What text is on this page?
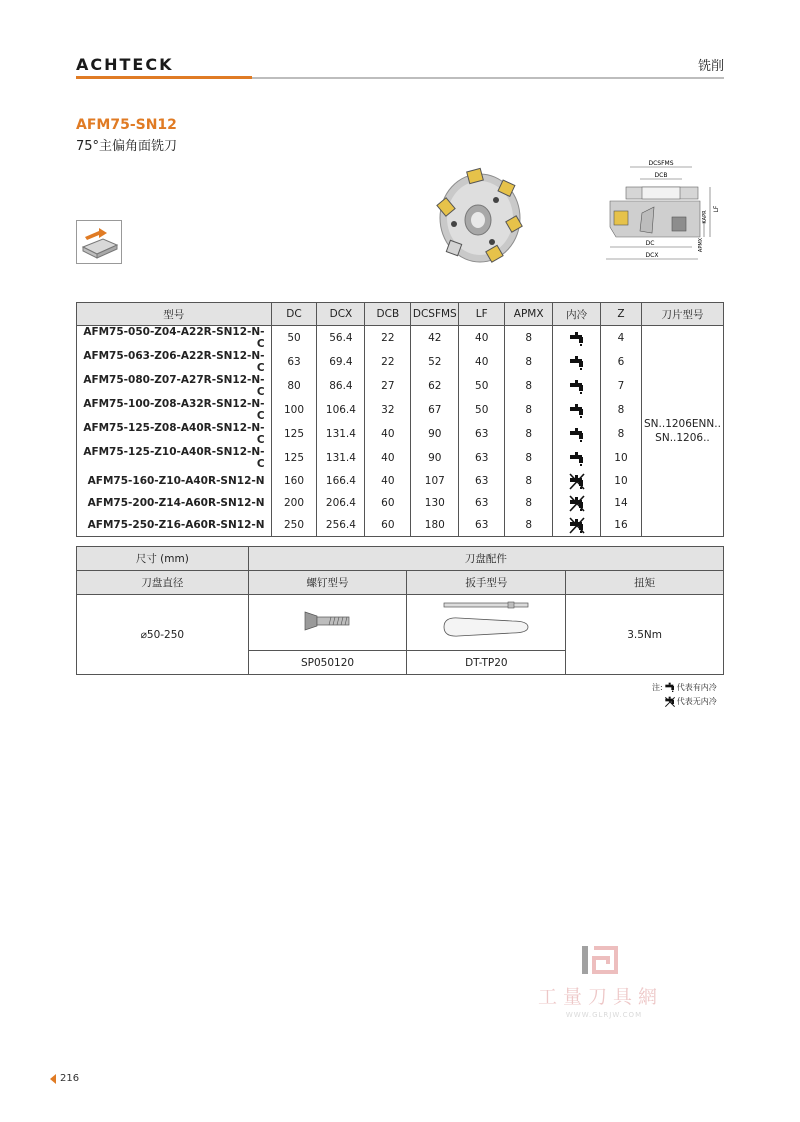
ACHTECK	铣削
AFM75-SN12
75°主偏角面铣刀
DCSFMS
DCB
DC
DCX
LF
APMX
ΚAPR
型号	DC	DCX	DCB	DCSFMS	LF	APMX	内冷	Z	刀片型号
AFM75-050-Z04-A22R-SN12-N-C	50	56.4	22	42	40	8		4	SN..1206ENN..
SN..1206..

AFM75-063-Z06-A22R-SN12-N-C	63	69.4	22	52	40	8		6	
AFM75-080-Z07-A27R-SN12-N-C	80	86.4	27	62	50	8		7	
AFM75-100-Z08-A32R-SN12-N-C	100	106.4	32	67	50	8		8	
AFM75-125-Z08-A40R-SN12-N-C	125	131.4	40	90	63	8		8	
AFM75-125-Z10-A40R-SN12-N-C	125	131.4	40	90	63	8		10	
AFM75-160-Z10-A40R-SN12-N	160	166.4	40	107	63	8		10	
AFM75-200-Z14-A60R-SN12-N	200	206.4	60	130	63	8		14	
AFM75-250-Z16-A60R-SN12-N	250	256.4	60	180	63	8		16	
尺寸 (mm)	刀盘配件		
刀盘直径	螺钉型号	扳手型号	扭矩
⌀50-250			3.5Nm
	SP050120	DT-TP20	
注: 代表有内冷
代表无内冷
工量刀具網
WWW.GLRJW.COM
216
